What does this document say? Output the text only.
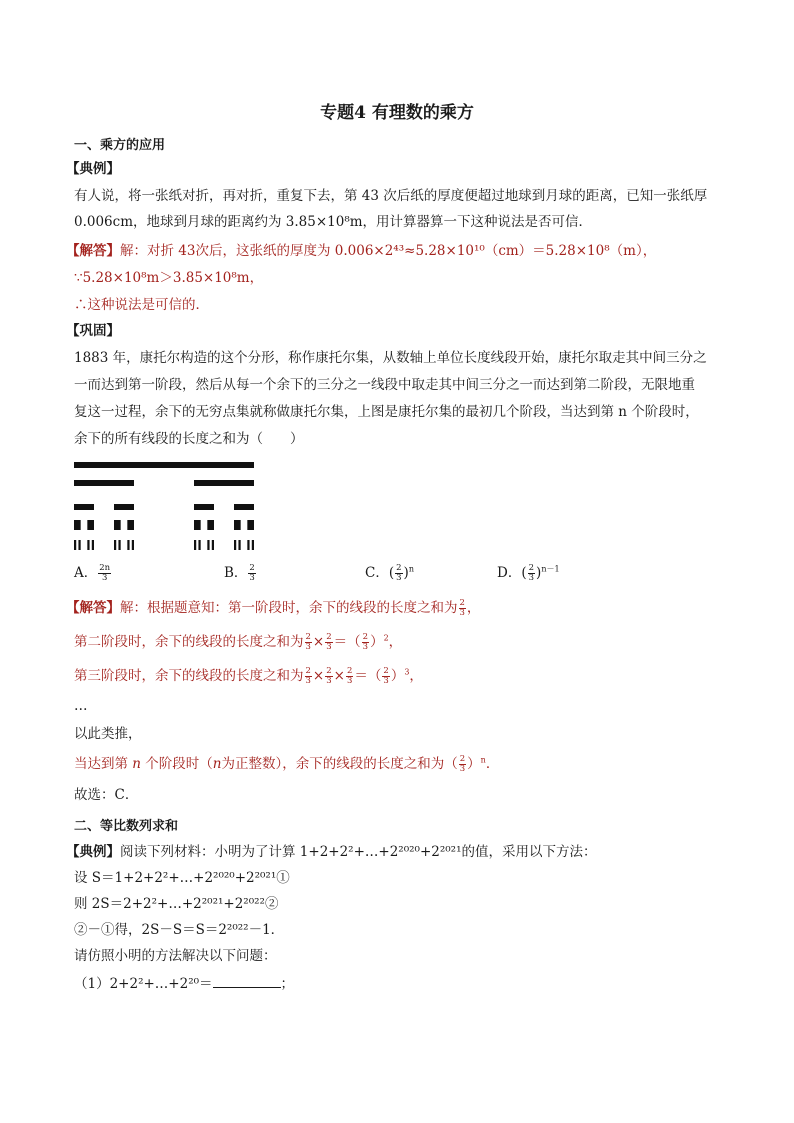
专题4 有理数的乘方
一、乘方的应用
【典例】
有人说，将一张纸对折，再对折，重复下去，第 43 次后纸的厚度便超过地球到月球的距离，已知一张纸厚
0.006cm，地球到月球的距离约为 3.85×10⁸m，用计算器算一下这种说法是否可信．
【解答】解：对折 43次后，这张纸的厚度为 0.006×2⁴³≈5.28×10¹⁰（cm）＝5.28×10⁸（m），
∵5.28×10⁸m＞3.85×10⁸m，
∴这种说法是可信的．
【巩固】
1883 年，康托尔构造的这个分形，称作康托尔集，从数轴上单位长度线段开始，康托尔取走其中间三分之
一而达到第一阶段，然后从每一个余下的三分之一线段中取走其中间三分之一而达到第二阶段，无限地重
复这一过程，余下的无穷点集就称做康托尔集，上图是康托尔集的最初几个阶段，当达到第 n 个阶段时，
余下的所有线段的长度之和为（　　）
A． $\frac{2n}{3}$	B． $\frac{2}{3}$	C．( $\frac{2}{3} )^n$	D．( $\frac{2}{3} )^{n-1}$
【解答】解：根据题意知：第一阶段时，余下的线段的长度之和为 $\frac{2}{3}$ ，
第二阶段时，余下的线段的长度之和为 $\frac{2}{3} \times \frac{2}{3}$ ＝（ $\frac{2}{3} )^2$，
第三阶段时，余下的线段的长度之和为 $\frac{2}{3} \times \frac{2}{3} \times \frac{2}{3}$ ＝（ $\frac{2}{3} )^3$，
…
以此类推，
当达到第 n 个阶段时（n为正整数），余下的线段的长度之和为（ $\frac{2}{3} )^n$．
故选：C．
二、等比数列求和
【典例】阅读下列材料：小明为了计算 1+2+2²+…+2²⁰²⁰+2²⁰²¹的值，采用以下方法：
设 S＝1+2+2²+…+2²⁰²⁰+2²⁰²¹①
则 2S＝2+2²+…+2²⁰²¹+2²⁰²²②
②－①得，2S－S＝S＝2²⁰²²－1．
请仿照小明的方法解决以下问题：
（1）2+2²+…+2²⁰＝	；
